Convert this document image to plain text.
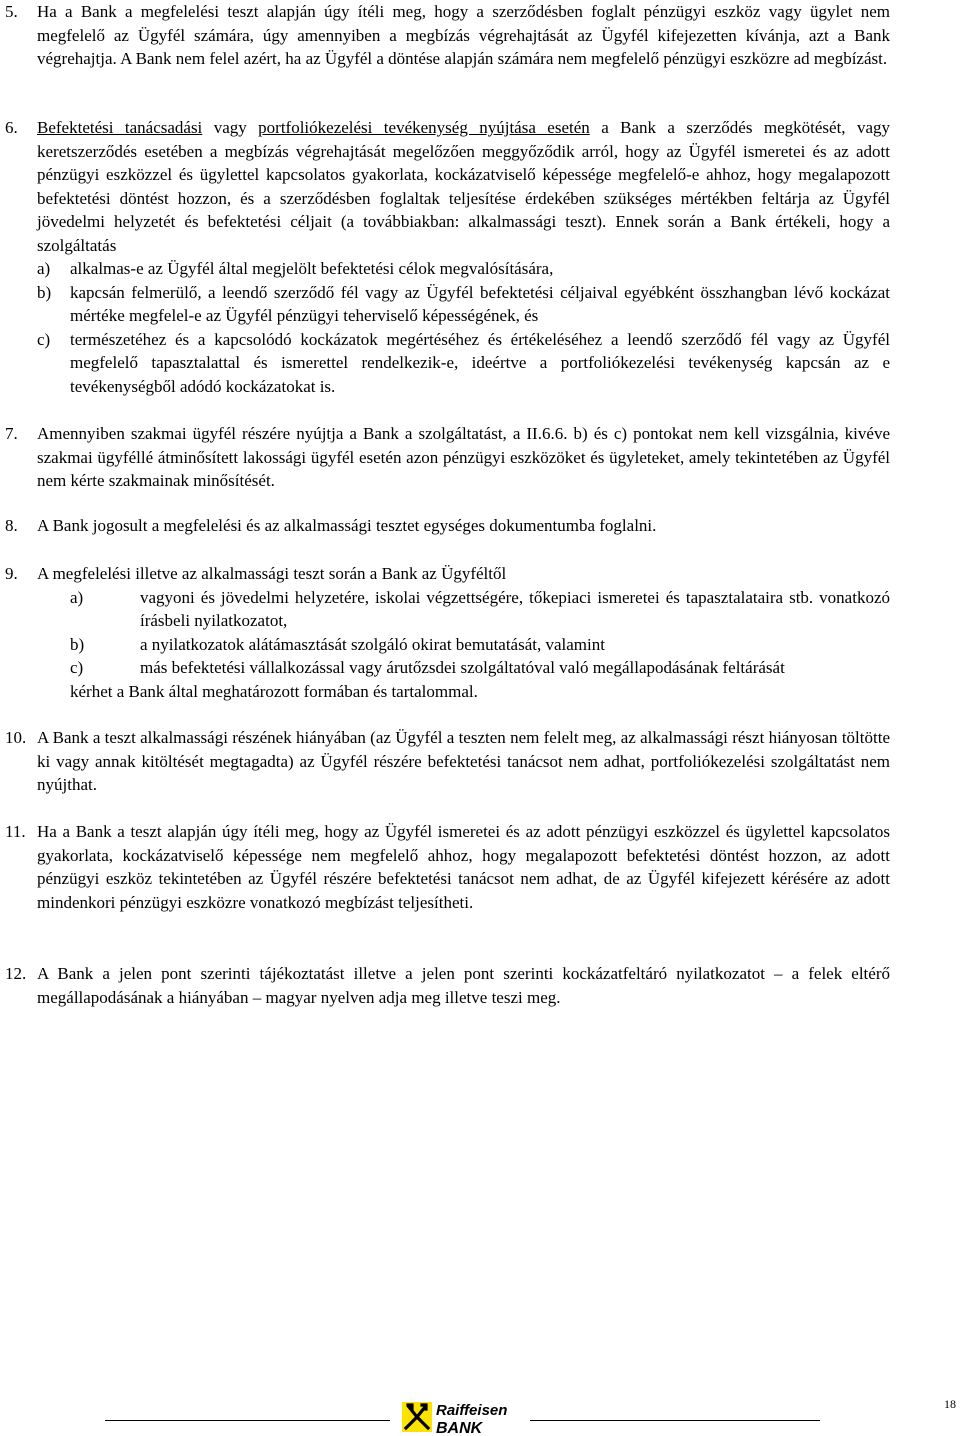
5. Ha a Bank a megfelelési teszt alapján úgy ítéli meg, hogy a szerződésben foglalt pénzügyi eszköz vagy ügylet nem megfelelő az Ügyfél számára, úgy amennyiben a megbízás végrehajtását az Ügyfél kifejezetten kívánja, azt a Bank végrehajtja. A Bank nem felel azért, ha az Ügyfél a döntése alapján számára nem megfelelő pénzügyi eszközre ad megbízást.
6. Befektetési tanácsadási vagy portfoliókezelési tevékenység nyújtása esetén a Bank a szerződés megkötését, vagy keretszerződés esetében a megbízás végrehajtását megelőzően meggyőződik arról, hogy az Ügyfél ismeretei és az adott pénzügyi eszközzel és ügylettel kapcsolatos gyakorlata, kockázatviselő képessége megfelelő-e ahhoz, hogy megalapozott befektetési döntést hozzon, és a szerződésben foglaltak teljesítése érdekében szükséges mértékben feltárja az Ügyfél jövedelmi helyzetét és befektetési céljait (a továbbiakban: alkalmassági teszt). Ennek során a Bank értékeli, hogy a szolgáltatás
a) alkalmas-e az Ügyfél által megjelölt befektetési célok megvalósítására,
b) kapcsán felmerülő, a leendő szerződő fél vagy az Ügyfél befektetési céljaival egyébként összhangban lévő kockázat mértéke megfelel-e az Ügyfél pénzügyi teherviselő képességének, és
c) természetéhez és a kapcsolódó kockázatok megértéséhez és értékeléséhez a leendő szerződő fél vagy az Ügyfél megfelelő tapasztalattal és ismerettel rendelkezik-e, ideértve a portfoliókezelési tevékenység kapcsán az e tevékenységből adódó kockázatokat is.
7. Amennyiben szakmai ügyfél részére nyújtja a Bank a szolgáltatást, a II.6.6. b) és c) pontokat nem kell vizsgálnia, kivéve szakmai ügyféllé átminősített lakossági ügyfél esetén azon pénzügyi eszközöket és ügyleteket, amely tekintetében az Ügyfél nem kérte szakmainak minősítését.
8. A Bank jogosult a megfelelési és az alkalmassági tesztet egységes dokumentumba foglalni.
9. A megfelelési illetve az alkalmassági teszt során a Bank az Ügyféltől
a)	vagyoni és jövedelmi helyzetére, iskolai végzettségére, tőkepiaci ismeretei és tapasztalataira stb. vonatkozó írásbeli nyilatkozatot,
b)	a nyilatkozatok alátámasztását szolgáló okirat bemutatását, valamint
c)	más befektetési vállalkozással vagy árutőzsdei szolgáltatóval való megállapodásának feltárását
kérhet a Bank által meghatározott formában és tartalommal.
10. A Bank a teszt alkalmassági részének hiányában (az Ügyfél a teszten nem felelt meg, az alkalmassági részt hiányosan töltötte ki vagy annak kitöltését megtagadta) az Ügyfél részére befektetési tanácsot nem adhat, portfoliókezelési szolgáltatást nem nyújthat.
11. Ha a Bank a teszt alapján úgy ítéli meg, hogy az Ügyfél ismeretei és az adott pénzügyi eszközzel és ügylettel kapcsolatos gyakorlata, kockázatviselő képessége nem megfelelő ahhoz, hogy megalapozott befektetési döntést hozzon, az adott pénzügyi eszköz tekintetében az Ügyfél részére befektetési tanácsot nem adhat, de az Ügyfél kifejezett kérésére az adott mindenkori pénzügyi eszközre vonatkozó megbízást teljesítheti.
12. A Bank a jelen pont szerinti tájékoztatást illetve a jelen pont szerinti kockázatfeltáró nyilatkozatot – a felek eltérő megállapodásának a hiányában – magyar nyelven adja meg illetve teszi meg.
Raiffeisen
BANK
18
